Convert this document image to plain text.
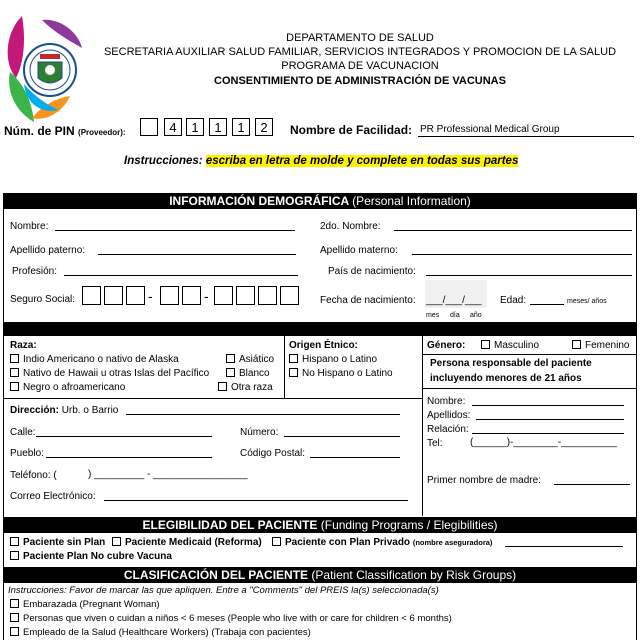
DEPARTAMENTO DE SALUD
SECRETARIA AUXILIAR SALUD FAMILIAR, SERVICIOS INTEGRADOS Y PROMOCION DE LA SALUD
PROGRAMA DE VACUNACION
CONSENTIMIENTO DE ADMINISTRACIÓN DE VACUNAS
Núm. de PIN (Proveedor):	4	1	1	1	2	Nombre de Facilidad: PR Professional Medical Group
Instrucciones: escriba en letra de molde y complete en todas sus partes
INFORMACIÓN DEMOGRÁFICA (Personal Information)
Nombre:	2do. Nombre:
Apellido paterno:	Apellido materno:
Profesión:	País de nacimiento:
Seguro Social:	-	-	Fecha de nacimiento: ___/___/___
mes día año
Edad:	meses/ años
Raza:
Indio Americano o nativo de Alaska	Asiático
Nativo de Hawaii u otras Islas del Pacífico	Blanco
Negro o afroamericano	Otra raza
Origen Étnico:
Hispano o Latino
No Hispano o Latino
Género:	Masculino	Femenino
Persona responsable del paciente
incluyendo menores de 21 años
Nombre:
Apellidos:
Relación:
Tel:	(______)-________-__________
Primer nombre de madre:
Dirección: Urb. o Barrio
Calle:	Número:
Pueblo:	Código Postal:
Teléfono: (	) _________ - _________________
Correo Electrónico:
ELEGIBILIDAD DEL PACIENTE (Funding Programs / Elegibilities)
Paciente sin Plan	Paciente Medicaid (Reforma)	Paciente con Plan Privado (nombre aseguradora)
Paciente Plan No cubre Vacuna
CLASIFICACIÓN DEL PACIENTE (Patient Classification by Risk Groups)
Instrucciones: Favor de marcar las que apliquen. Entre a "Comments" del PREIS la(s) seleccionada(s)
Embarazada (Pregnant Woman)
Personas que viven o cuidan a niños < 6 meses (People who live with or care for children < 6 months)
Empleado de la Salud (Healthcare Workers) (Trabaja con pacientes)
